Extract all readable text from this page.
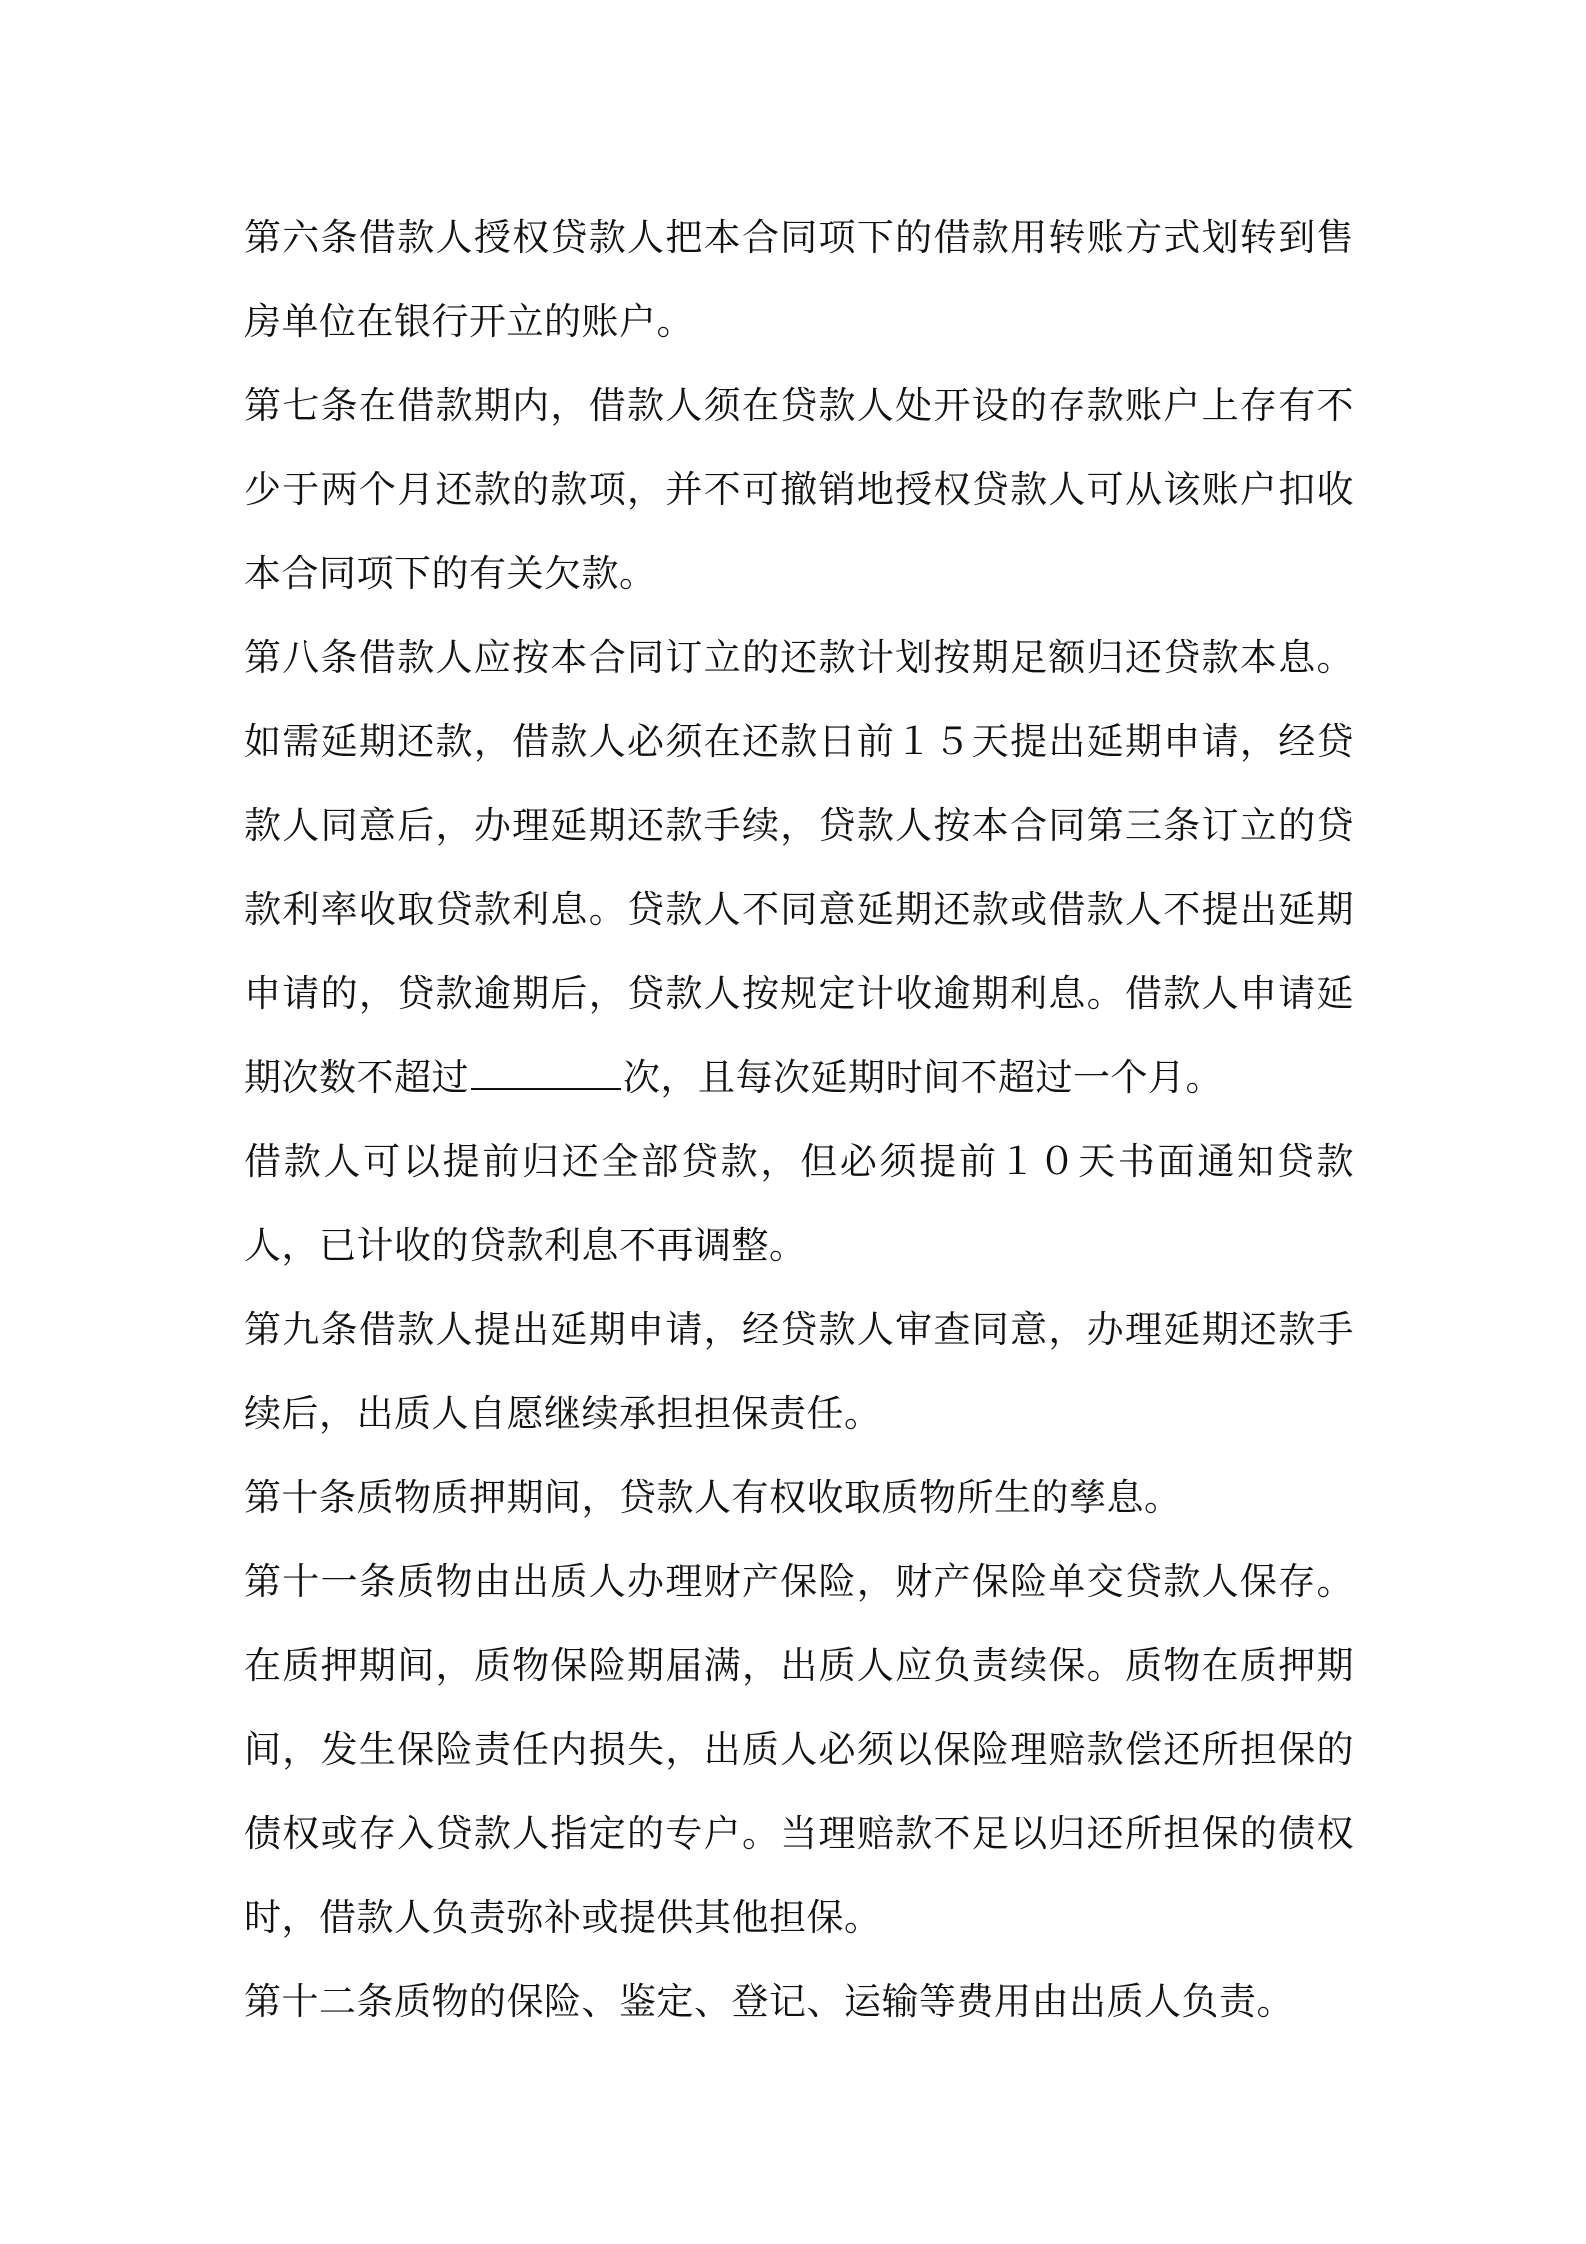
第六条借款人授权贷款人把本合同项下的借款用转账方式划转到售房单位在银行开立的账户。

第七条在借款期内，借款人须在贷款人处开设的存款账户上存有不少于两个月还款的款项，并不可撤销地授权贷款人可从该账户扣收本合同项下的有关欠款。

第八条借款人应按本合同订立的还款计划按期足额归还贷款本息。如需延期还款，借款人必须在还款日前１５天提出延期申请，经贷款人同意后，办理延期还款手续，贷款人按本合同第三条订立的贷款利率收取贷款利息。贷款人不同意延期还款或借款人不提出延期申请的，贷款逾期后，贷款人按规定计收逾期利息。借款人申请延期次数不超过	次，且每次延期时间不超过一个月。

借款人可以提前归还全部贷款，但必须提前１０天书面通知贷款人，已计收的贷款利息不再调整。

第九条借款人提出延期申请，经贷款人审查同意，办理延期还款手续后，出质人自愿继续承担担保责任。

第十条质物质押期间，贷款人有权收取质物所生的孳息。

第十一条质物由出质人办理财产保险，财产保险单交贷款人保存。在质押期间，质物保险期届满，出质人应负责续保。质物在质押期间，发生保险责任内损失，出质人必须以保险理赔款偿还所担保的债权或存入贷款人指定的专户。当理赔款不足以归还所担保的债权时，借款人负责弥补或提供其他担保。

第十二条质物的保险、鉴定、登记、运输等费用由出质人负责。
